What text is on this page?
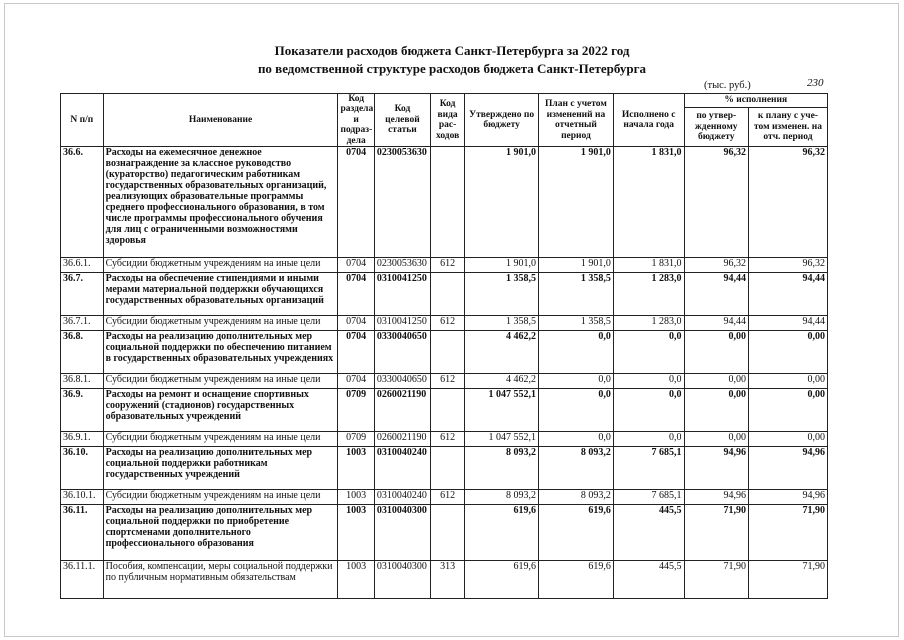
Показатели расходов бюджета Санкт-Петербурга за 2022 год
по ведомственной структуре расходов бюджета Санкт-Петербурга
(тыс. руб.)	230
N п/п	Наименование	Код раздела и подраз-дела	Код целевой статьи	Код вида рас-ходов	Утверждено по бюджету	План с учетом изменений на отчетный период	Исполнено с начала года	% исполнения	
								по утвер-жденному бюджету	к плану с уче-том изменен. на отч. период
36.6.	Расходы на ежемесячное денежное вознаграждение за классное руководство (кураторство) педагогическим работникам государственных образовательных организаций, реализующих образовательные программы среднего профессионального образования, в том числе программы профессионального обучения для лиц с ограниченными возможностями здоровья	0704	0230053630		1 901,0	1 901,0	1 831,0	96,32	96,32
36.6.1.	Субсидии бюджетным учреждениям на иные цели	0704	0230053630	612	1 901,0	1 901,0	1 831,0	96,32	96,32
36.7.	Расходы на обеспечение стипендиями и иными мерами материальной поддержки обучающихся государственных образовательных организаций	0704	0310041250		1 358,5	1 358,5	1 283,0	94,44	94,44
36.7.1.	Субсидии бюджетным учреждениям на иные цели	0704	0310041250	612	1 358,5	1 358,5	1 283,0	94,44	94,44
36.8.	Расходы на реализацию дополнительных мер социальной поддержки по обеспечению питанием в государственных образовательных учреждениях	0704	0330040650		4 462,2	0,0	0,0	0,00	0,00
36.8.1.	Субсидии бюджетным учреждениям на иные цели	0704	0330040650	612	4 462,2	0,0	0,0	0,00	0,00
36.9.	Расходы на ремонт и оснащение спортивных сооружений (стадионов) государственных образовательных учреждений	0709	0260021190		1 047 552,1	0,0	0,0	0,00	0,00
36.9.1.	Субсидии бюджетным учреждениям на иные цели	0709	0260021190	612	1 047 552,1	0,0	0,0	0,00	0,00
36.10.	Расходы на реализацию дополнительных мер социальной поддержки работникам государственных учреждений	1003	0310040240		8 093,2	8 093,2	7 685,1	94,96	94,96
36.10.1.	Субсидии бюджетным учреждениям на иные цели	1003	0310040240	612	8 093,2	8 093,2	7 685,1	94,96	94,96
36.11.	Расходы на реализацию дополнительных мер социальной поддержки по приобретение спортсменами дополнительного профессионального образования	1003	0310040300		619,6	619,6	445,5	71,90	71,90
36.11.1.	Пособия, компенсации, меры социальной поддержки по публичным нормативным обязательствам	1003	0310040300	313	619,6	619,6	445,5	71,90	71,90
